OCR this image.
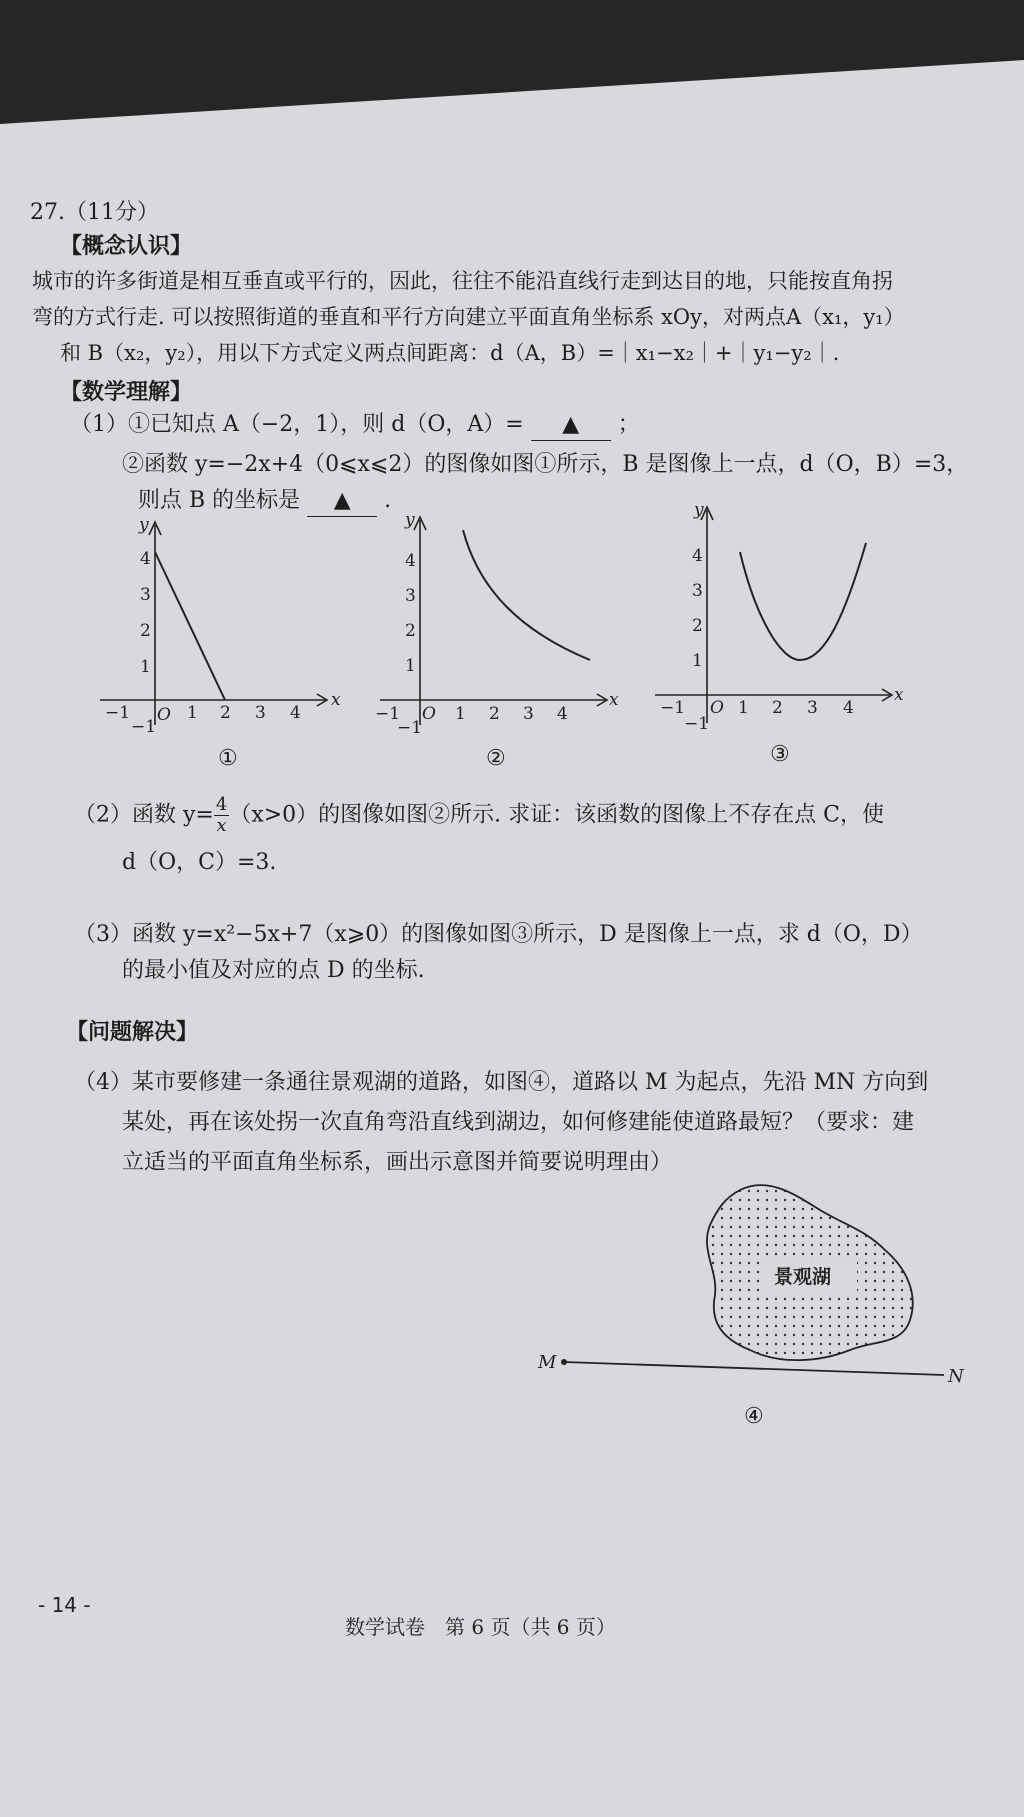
27.（11分）
【概念认识】
城市的许多街道是相互垂直或平行的，因此，往往不能沿直线行走到达目的地，只能按直角拐
弯的方式行走. 可以按照街道的垂直和平行方向建立平面直角坐标系 xOy，对两点A（x₁，y₁）
和 B（x₂，y₂），用以下方式定义两点间距离：d（A，B）=｜x₁−x₂｜+｜y₁−y₂｜.
【数学理解】
（1）①已知点 A（−2，1），则 d（O，A）= ▲ ；
②函数 y=−2x+4（0⩽x⩽2）的图像如图①所示，B 是图像上一点，d（O，B）=3，
则点 B 的坐标是 ▲ .
y
x
O
−1	1 2 3 4
1
2
3
4
−1
①
y
x
O
−1	1 2 3 4
1
2
3
4
−1
②
y
x
O
−1	1 2 3 4
1
2
3
4
−1
③
（2）函数 $y= \frac{4}{x} (x>0)$的图像如图②所示. 求证：该函数的图像上不存在点 C，使
d（O，C）=3.
（3）函数 y=x²−5x+7（x⩾0）的图像如图③所示，D 是图像上一点，求 d（O，D）
的最小值及对应的点 D 的坐标.
【问题解决】
（4）某市要修建一条通往景观湖的道路，如图④，道路以 M 为起点，先沿 MN 方向到
某处，再在该处拐一次直角弯沿直线到湖边，如何修建能使道路最短？（要求：建
立适当的平面直角坐标系，画出示意图并简要说明理由）
景观湖
M
N
④
- 14 -
数学试卷　第 6 页（共 6 页）
